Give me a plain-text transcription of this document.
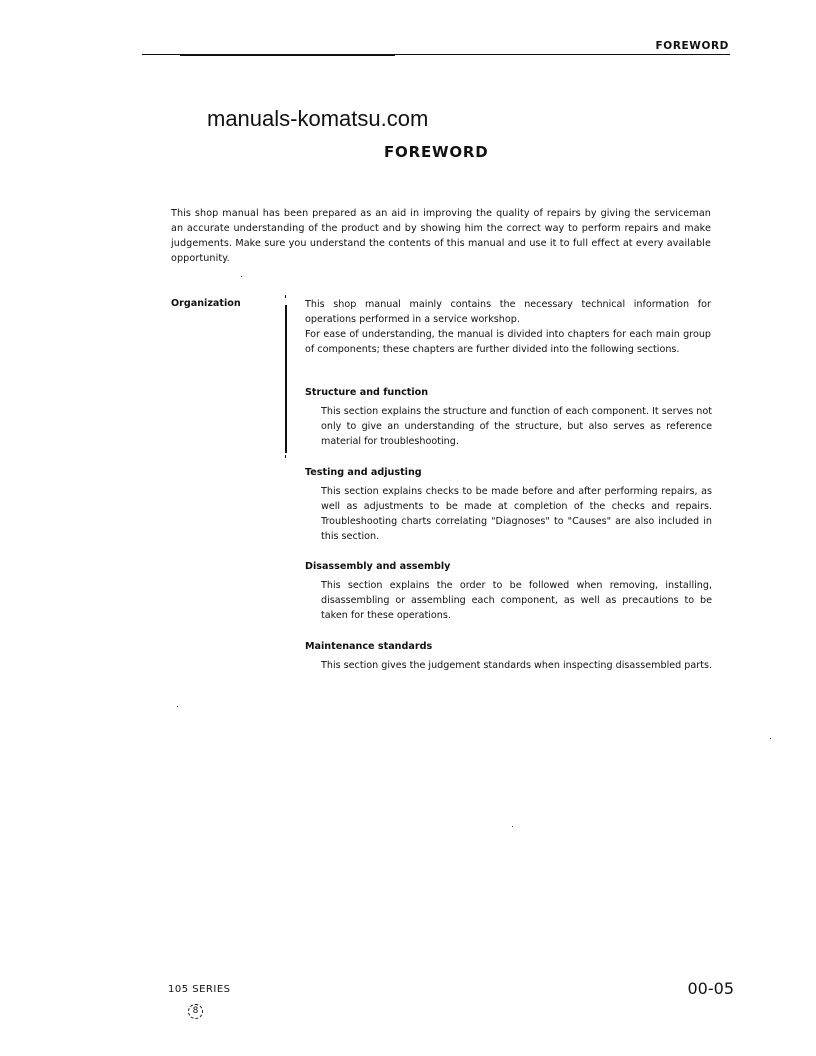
FOREWORD
manuals-komatsu.com
FOREWORD
This shop manual has been prepared as an aid in improving the quality of repairs by giving the serviceman an accurate understanding of the product and by showing him the correct way to perform repairs and make judgements. Make sure you understand the contents of this manual and use it to full effect at every available opportunity.
Organization	This shop manual mainly contains the necessary technical information for operations performed in a service workshop.
For ease of understanding, the manual is divided into chapters for each main group of components; these chapters are further divided into the following sections.
Structure and function
This section explains the structure and function of each component. It serves not only to give an understanding of the structure, but also serves as reference material for troubleshooting.
Testing and adjusting
This section explains checks to be made before and after performing repairs, as well as adjustments to be made at completion of the checks and repairs. Troubleshooting charts correlating "Diagnoses" to "Causes" are also included in this section.
Disassembly and assembly
This section explains the order to be followed when removing, installing, disassembling or assembling each component, as well as precautions to be taken for these operations.
Maintenance standards
This section gives the judgement standards when inspecting disassembled parts.
105 SERIES
8
00-05
